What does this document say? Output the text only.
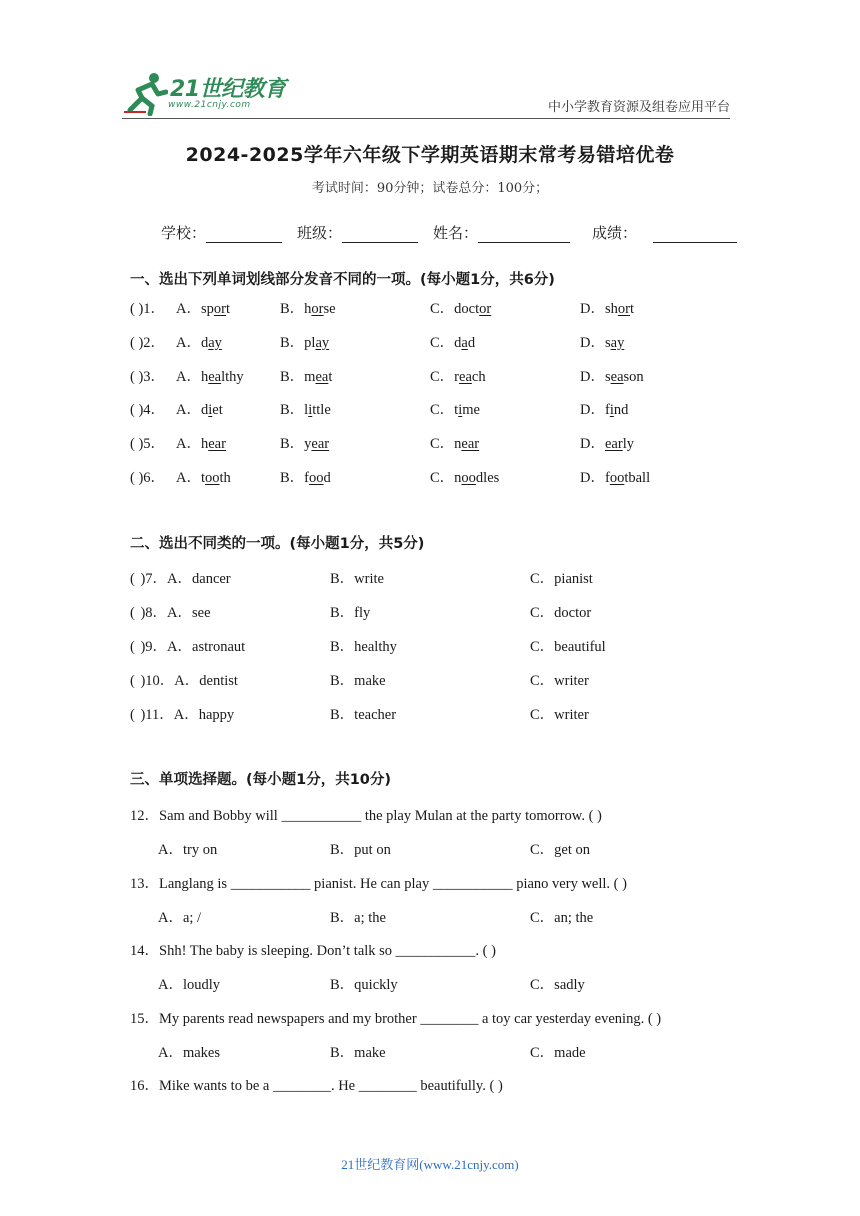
21世纪教育
www.21cnjy.com	中小学教育资源及组卷应用平台
2024-2025学年六年级下学期英语期末常考易错培优卷
考试时间：90分钟；试卷总分：100分；
学校：	班级：	姓名：	成绩：
一、选出下列单词划线部分发音不同的一项。(每小题1分，共6分)
( )1． A．sport	B．horse	C．doctor	D．short
( )2． A．day	B．play	C．dad	D．say
( )3． A．healthy	B．meat	C．reach	D．season
( )4． A．diet	B．little	C．time	D．find
( )5． A．hear	B．year	C．near	D．early
( )6． A．tooth	B．food	C．noodles	D．football
二、选出不同类的一项。(每小题1分，共5分)
( )7．A．dancer	B．write	C．pianist
( )8．A．see	B．fly	C．doctor
( )9．A．astronaut	B．healthy	C．beautiful
( )10．A．dentist	B．make	C．writer
( )11．A．happy	B．teacher	C．writer
三、单项选择题。(每小题1分，共10分)
12．Sam and Bobby will ___________ the play Mulan at the party tomorrow. ( )
A．try on	B．put on	C．get on
13．Langlang is ___________ pianist. He can play ___________ piano very well. ( )
A．a; /	B．a; the	C．an; the
14．Shh! The baby is sleeping. Don’t talk so ___________. ( )
A．loudly	B．quickly	C．sadly
15．My parents read newspapers and my brother ________ a toy car yesterday evening. ( )
A．makes	B．make	C．made
16．Mike wants to be a ________. He ________ beautifully. ( )
21世纪教育网(www.21cnjy.com)
